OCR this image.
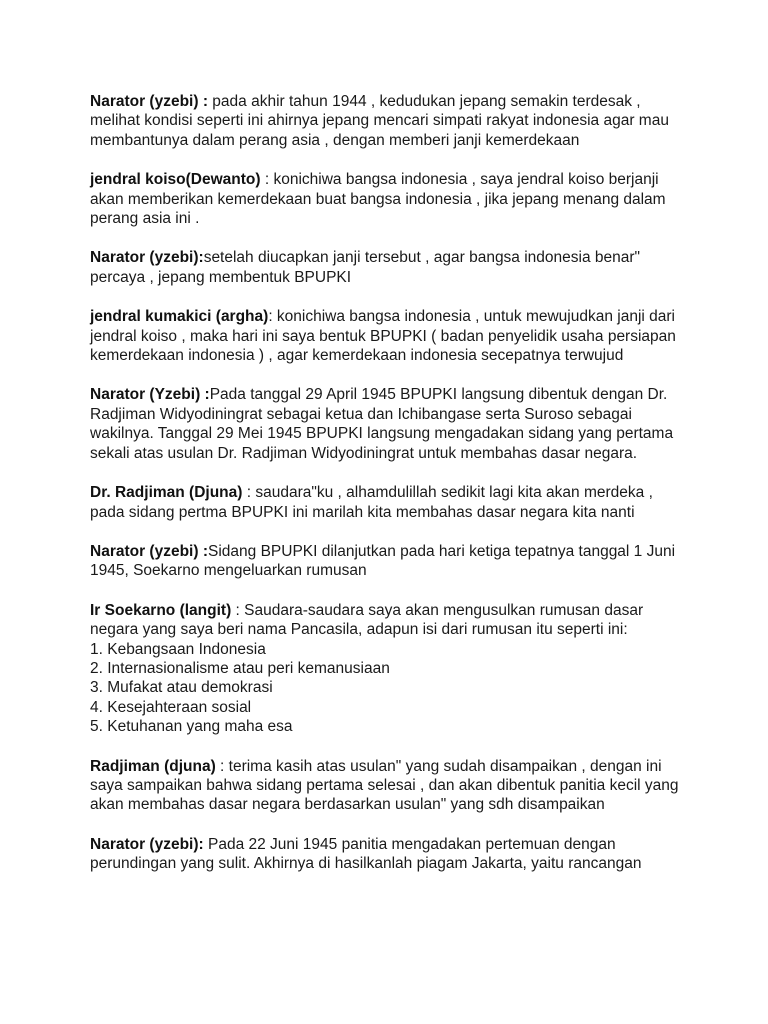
Narator (yzebi) : pada akhir tahun 1944 , kedudukan jepang semakin terdesak , melihat kondisi seperti ini ahirnya jepang mencari simpati rakyat indonesia agar mau membantunya dalam perang asia , dengan memberi janji kemerdekaan

jendral koiso(Dewanto) : konichiwa bangsa indonesia , saya jendral koiso berjanji akan memberikan kemerdekaan buat bangsa indonesia , jika jepang menang dalam perang asia ini .

Narator (yzebi):setelah diucapkan janji tersebut , agar bangsa indonesia benar" percaya , jepang membentuk BPUPKI

jendral kumakici (argha): konichiwa bangsa indonesia , untuk mewujudkan janji dari jendral koiso , maka hari ini saya bentuk BPUPKI ( badan penyelidik usaha persiapan kemerdekaan indonesia ) , agar kemerdekaan indonesia secepatnya terwujud

Narator (Yzebi) :Pada tanggal 29 April 1945 BPUPKI langsung dibentuk dengan Dr. Radjiman Widyodiningrat sebagai ketua dan Ichibangase serta Suroso sebagai wakilnya. Tanggal 29 Mei 1945 BPUPKI langsung mengadakan sidang yang pertama sekali atas usulan Dr. Radjiman Widyodiningrat untuk membahas dasar negara.

Dr. Radjiman (Djuna) : saudara"ku , alhamdulillah sedikit lagi kita akan merdeka , pada sidang pertma BPUPKI ini marilah kita membahas dasar negara kita nanti

Narator (yzebi) :Sidang BPUPKI dilanjutkan pada hari ketiga tepatnya tanggal 1 Juni 1945, Soekarno mengeluarkan rumusan

Ir Soekarno (langit) : Saudara-saudara saya akan mengusulkan rumusan dasar negara yang saya beri nama Pancasila, adapun isi dari rumusan itu seperti ini:
1. Kebangsaan Indonesia
2. Internasionalisme atau peri kemanusiaan
3. Mufakat atau demokrasi
4. Kesejahteraan sosial
5. Ketuhanan yang maha esa

Radjiman (djuna) : terima kasih atas usulan" yang sudah disampaikan , dengan ini saya sampaikan bahwa sidang pertama selesai , dan akan dibentuk panitia kecil yang akan membahas dasar negara berdasarkan usulan" yang sdh disampaikan

Narator (yzebi): Pada 22 Juni 1945 panitia mengadakan pertemuan dengan perundingan yang sulit. Akhirnya di hasilkanlah piagam Jakarta, yaitu rancangan
